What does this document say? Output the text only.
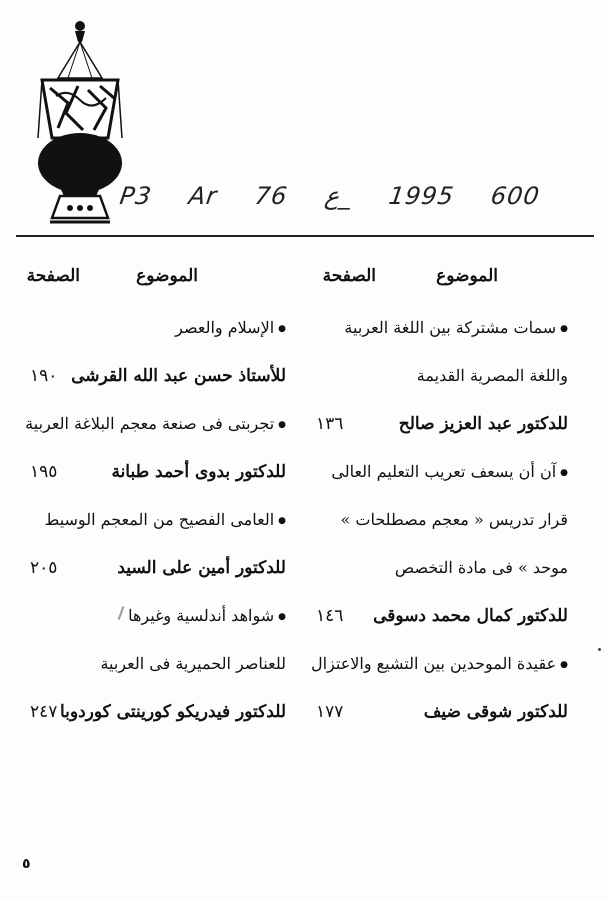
P3 Ar 76 ع_ 1995 600
الموضوع
الصفحة
الموضوع
الصفحة
● سمات مشتركة بين اللغة العربية
واللغة المصرية القديمة
للدكتور عبد العزيز صالح
١٣٦
● آن أن يسعف تعريب التعليم العالى
قرار تدريس « معجم مصطلحات »
موحد » فى مادة التخصص
للدكتور كمال محمد دسوقى
١٤٦
● عقيدة الموحدين بين التشيع والاعتزال
للدكتور شوقى ضيف
١٧٧
● الإسلام والعصر
للأستاذ حسن عبد الله القرشى
١٩٠
● تجربتى فى صنعة معجم البلاغة العربية
للدكتور بدوى أحمد طبانة
١٩٥
● العامى الفصيح من المعجم الوسيط
للدكتور أمين على السيد
٢٠٥
● شواهد أندلسية وغيرها
للعناصر الحميرية فى العربية
للدكتور فيدريكو كورينتى كوردوبا
٢٤٧
٥
